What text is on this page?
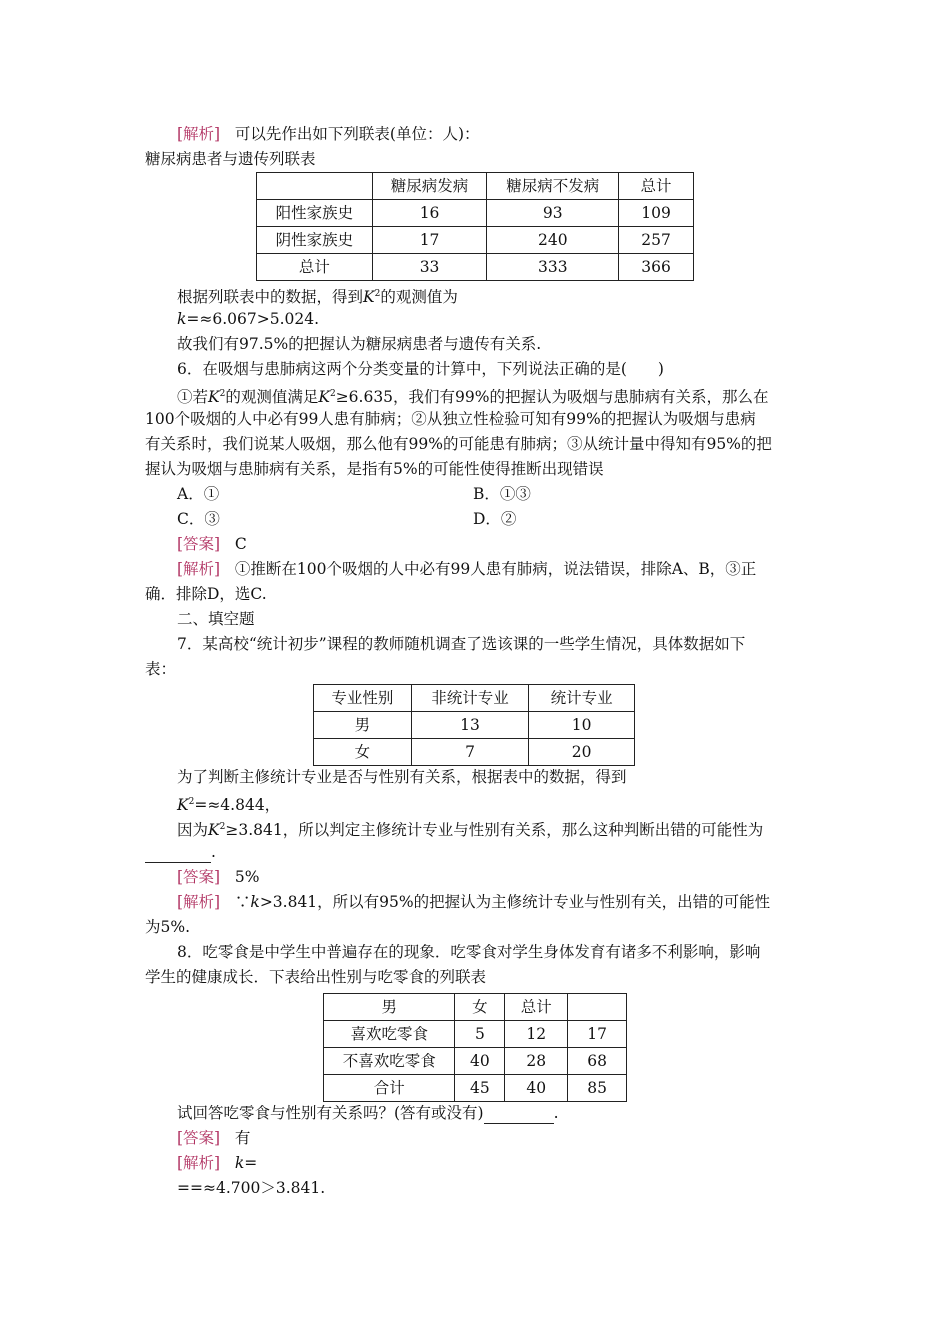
[解析] 可以先作出如下列联表(单位：人)：
糖尿病患者与遗传列联表
	糖尿病发病	糖尿病不发病	总计
阳性家族史	16	93	109
阴性家族史	17	240	257
总计	33	333	366
根据列联表中的数据，得到$K^2$的观测值为
k=≈6.067>5.024.
故我们有97.5%的把握认为糖尿病患者与遗传有关系.
6．在吸烟与患肺病这两个分类变量的计算中，下列说法正确的是(　　)
①若$K^2$的观测值满足$K^2\ge 6.635$，我们有99%的把握认为吸烟与患肺病有关系，那么在
100个吸烟的人中必有99人患有肺病；②从独立性检验可知有99%的把握认为吸烟与患病
有关系时，我们说某人吸烟，那么他有99%的可能患有肺病；③从统计量中得知有95%的把
握认为吸烟与患肺病有关系，是指有5%的可能性使得推断出现错误
A．①	B．①③
C．③	D．②
[答案] C
[解析] ①推断在100个吸烟的人中必有99人患有肺病，说法错误，排除A、B，③正
确．排除D，选C.
二、填空题
7．某高校“统计初步”课程的教师随机调查了选该课的一些学生情况，具体数据如下
表：
专业性别	非统计专业	统计专业
男	13	10
女	7	20
为了判断主修统计专业是否与性别有关系，根据表中的数据，得到
$K^2=\approx 4.844$，
因为$K^2\ge 3.841$，所以判定主修统计专业与性别有关系，那么这种判断出错的可能性为
.
[答案] 5%
[解析] ∵k>3.841，所以有95%的把握认为主修统计专业与性别有关，出错的可能性
为5%.
8．吃零食是中学生中普遍存在的现象．吃零食对学生身体发育有诸多不利影响，影响
学生的健康成长．下表给出性别与吃零食的列联表
男	女	总计	
喜欢吃零食	5	12	17
不喜欢吃零食	40	28	68
合计	45	40	85
试回答吃零食与性别有关系吗？(答有或没有)	.
[答案] 有
[解析] k=
==≈4.700＞3.841.
